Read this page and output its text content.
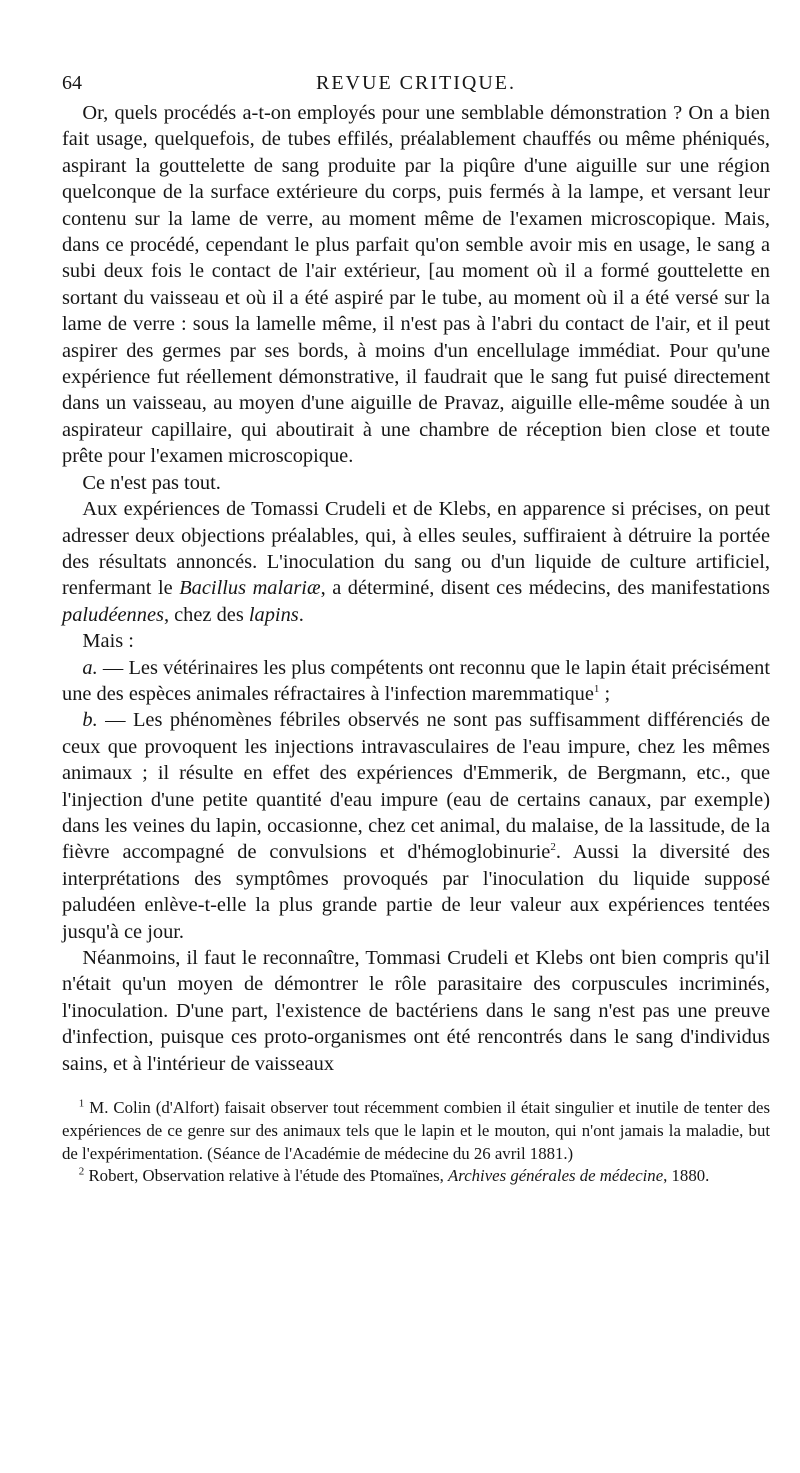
64	REVUE CRITIQUE.

Or, quels procédés a-t-on employés pour une semblable démonstration ? On a bien fait usage, quelquefois, de tubes effilés, préalablement chauffés ou même phéniqués, aspirant la gouttelette de sang produite par la piqûre d'une aiguille sur une région quelconque de la surface extérieure du corps, puis fermés à la lampe, et versant leur contenu sur la lame de verre, au moment même de l'examen microscopique. Mais, dans ce procédé, cependant le plus parfait qu'on semble avoir mis en usage, le sang a subi deux fois le contact de l'air extérieur, [au moment où il a formé gouttelette en sortant du vaisseau et où il a été aspiré par le tube, au moment où il a été versé sur la lame de verre : sous la lamelle même, il n'est pas à l'abri du contact de l'air, et il peut aspirer des germes par ses bords, à moins d'un encellulage immédiat. Pour qu'une expérience fut réellement démonstrative, il faudrait que le sang fut puisé directement dans un vaisseau, au moyen d'une aiguille de Pravaz, aiguille elle-même soudée à un aspirateur capillaire, qui aboutirait à une chambre de réception bien close et toute prête pour l'examen microscopique.

Ce n'est pas tout.

Aux expériences de Tomassi Crudeli et de Klebs, en apparence si précises, on peut adresser deux objections préalables, qui, à elles seules, suffiraient à détruire la portée des résultats annoncés. L'inoculation du sang ou d'un liquide de culture artificiel, renfermant le Bacillus malariæ, a déterminé, disent ces médecins, des manifestations paludéennes, chez des lapins.

Mais :

a. — Les vétérinaires les plus compétents ont reconnu que le lapin était précisément une des espèces animales réfractaires à l'infection maremmatique$^1$ ;

b. — Les phénomènes fébriles observés ne sont pas suffisamment différenciés de ceux que provoquent les injections intravasculaires de l'eau impure, chez les mêmes animaux ; il résulte en effet des expériences d'Emmerik, de Bergmann, etc., que l'injection d'une petite quantité d'eau impure (eau de certains canaux, par exemple) dans les veines du lapin, occasionne, chez cet animal, du malaise, de la lassitude, de la fièvre accompagné de convulsions et d'hémoglobinurie$^2$. Aussi la diversité des interprétations des symptômes provoqués par l'inoculation du liquide supposé paludéen enlève-t-elle la plus grande partie de leur valeur aux expériences tentées jusqu'à ce jour.

Néanmoins, il faut le reconnaître, Tommasi Crudeli et Klebs ont bien compris qu'il n'était qu'un moyen de démontrer le rôle parasitaire des corpuscules incriminés, l'inoculation. D'une part, l'existence de bactériens dans le sang n'est pas une preuve d'infection, puisque ces proto-organismes ont été rencontrés dans le sang d'individus sains, et à l'intérieur de vaisseaux

$^1$ M. Colin (d'Alfort) faisait observer tout récemment combien il était singulier et inutile de tenter des expériences de ce genre sur des animaux tels que le lapin et le mouton, qui n'ont jamais la maladie, but de l'expérimentation. (Séance de l'Académie de médecine du 26 avril 1881.)

$^2$ Robert, Observation relative à l'étude des Ptomaïnes, Archives générales de médecine, 1880.
